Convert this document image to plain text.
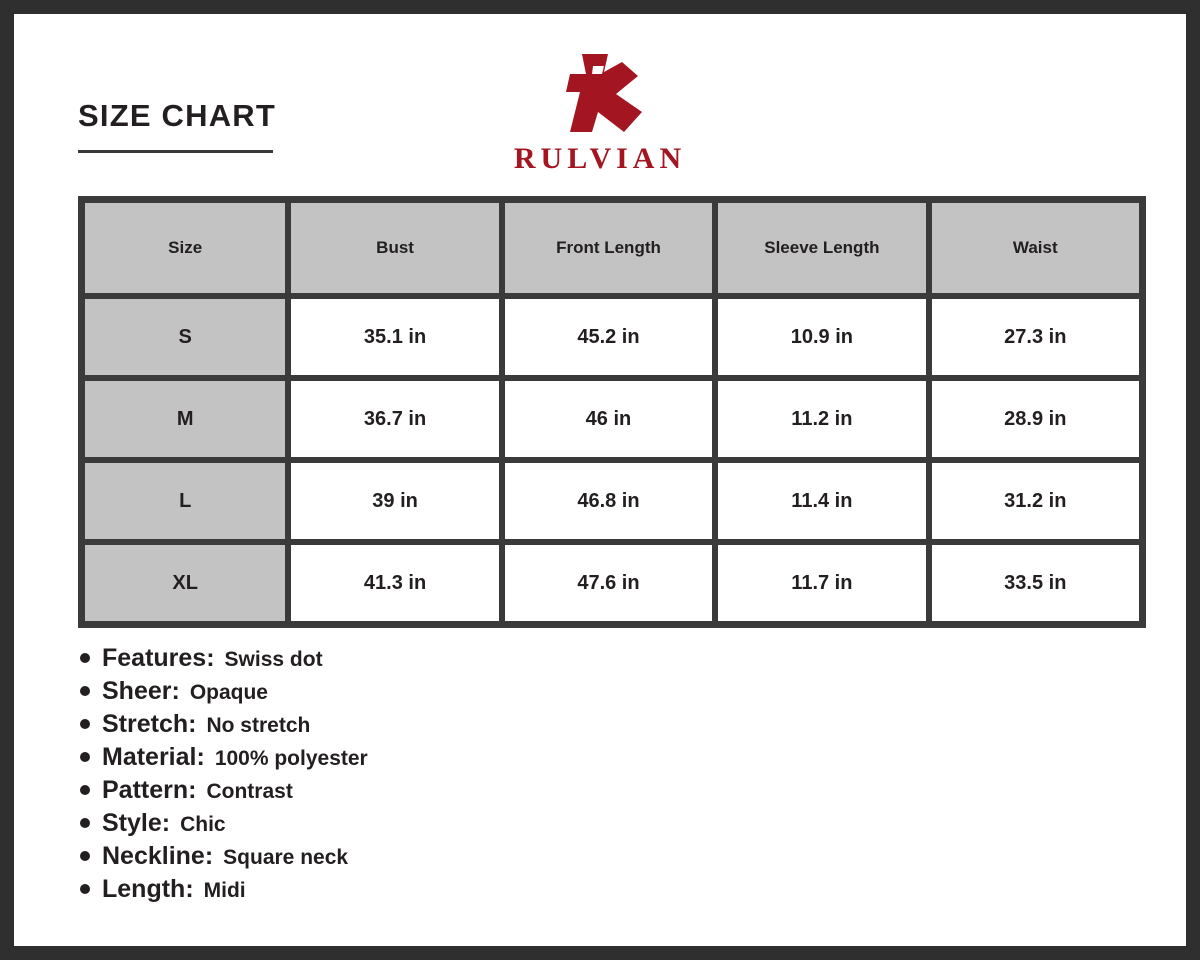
SIZE CHART
RULVIAN
Size	Bust	Front Length	Sleeve Length	Waist
S	35.1 in	45.2 in	10.9 in	27.3 in
M	36.7 in	46 in	11.2 in	28.9 in
L	39 in	46.8 in	11.4 in	31.2 in
XL	41.3 in	47.6 in	11.7 in	33.5 in
Features: Swiss dot
Sheer: Opaque
Stretch: No stretch
Material: 100% polyester
Pattern: Contrast
Style: Chic
Neckline: Square neck
Length: Midi
